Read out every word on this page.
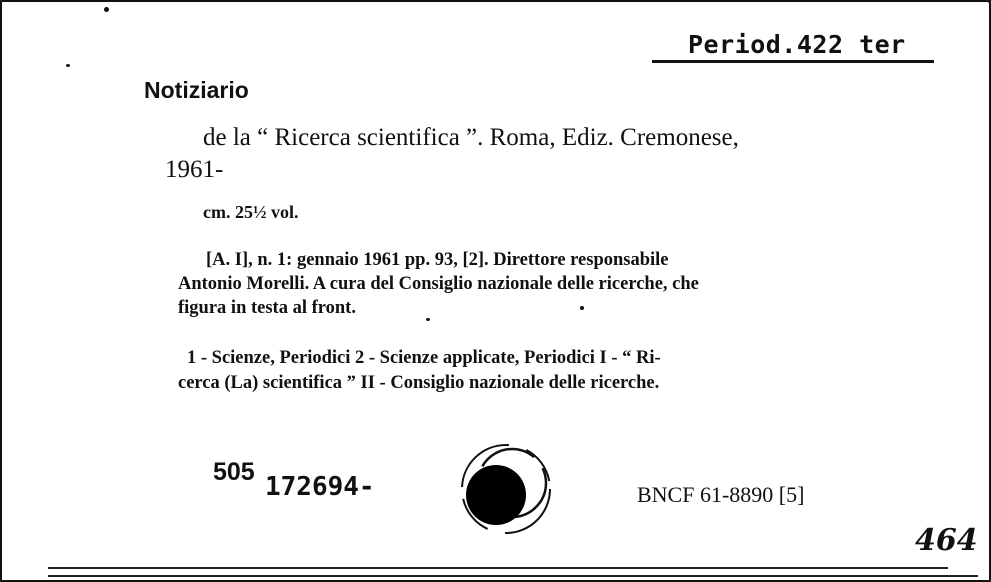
Period.422 ter
Notiziario
de la “ Ricerca scientifica ”. Roma, Ediz. Cremonese,
1961-
cm. 25½ vol.
[A. I], n. 1: gennaio 1961 pp. 93, [2]. Direttore responsabile
Antonio Morelli. A cura del Consiglio nazionale delle ricerche, che
figura in testa al front.
1 - Scienze, Periodici 2 - Scienze applicate, Periodici I - “ Ri-
cerca (La) scientifica ” II - Consiglio nazionale delle ricerche.
505 172694-	BNCF 61-8890 [5]
464
